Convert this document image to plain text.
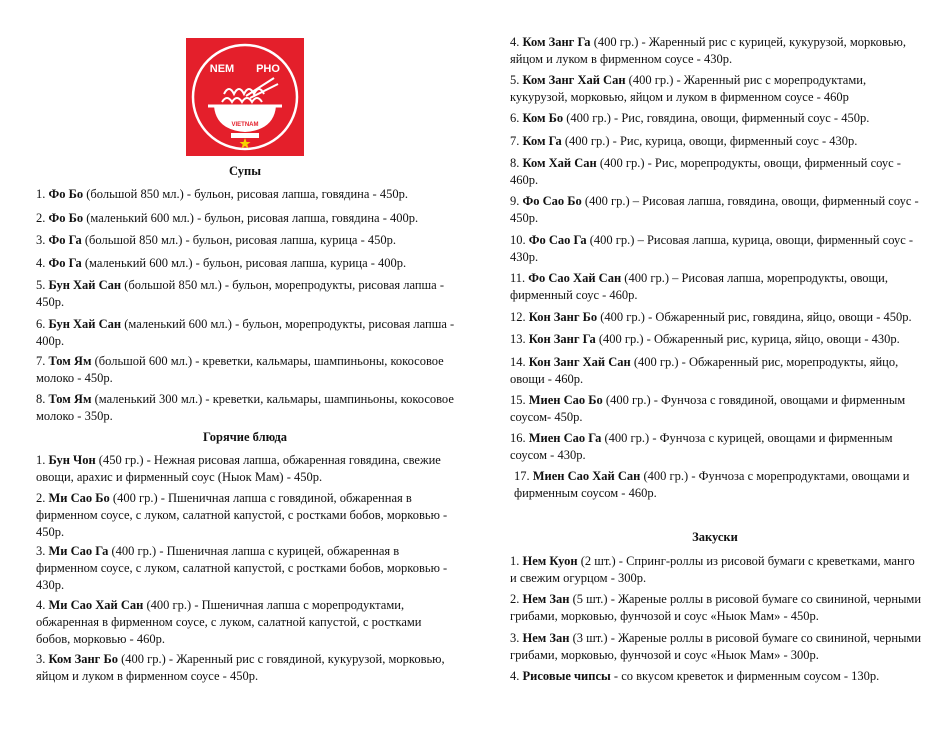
NEM PHO
VIETNAM
Супы
1. Фо Бо (большой 850 мл.) - бульон, рисовая лапша, говядина - 450р.
2. Фо Бо (маленький 600 мл.) - бульон, рисовая лапша, говядина - 400р.
3. Фо Га (большой 850 мл.) - бульон, рисовая лапша, курица - 450р.
4. Фо Га (маленький 600 мл.) - бульон, рисовая лапша, курица - 400р.
5. Бун Хай Сан (большой 850 мл.) - бульон, морепродукты, рисовая лапша - 450р.
6. Бун Хай Сан (маленький 600 мл.) - бульон, морепродукты, рисовая лапша - 400р.
7. Том Ям (большой 600 мл.) - креветки, кальмары, шампиньоны, кокосовое молоко - 450р.
8. Том Ям (маленький 300 мл.) - креветки, кальмары, шампиньоны, кокосовое молоко - 350р.
Горячие блюда
1. Бун Чон (450 гр.) - Нежная рисовая лапша, обжаренная говядина, свежие овощи, арахис и фирменный соус (Ныок Мам) - 450р.
2. Ми Сао Бо (400 гр.) - Пшеничная лапша с говядиной, обжаренная в фирменном соусе, с луком, салатной капустой, с ростками бобов, морковью - 450р.
3. Ми Сао Га (400 гр.) - Пшеничная лапша с курицей, обжаренная в фирменном соусе, с луком, салатной капустой, с ростками бобов, морковью - 430р.
4. Ми Сао Хай Сан (400 гр.) - Пшеничная лапша с морепродуктами, обжаренная в фирменном соусе, с луком, салатной капустой, с ростками бобов, морковью - 460р.
3. Ком Занг Бо (400 гр.) - Жаренный рис с говядиной, кукурузой, морковью, яйцом и луком в фирменном соусе - 450р.
4. Ком Занг Га (400 гр.) - Жаренный рис с курицей, кукурузой, морковью, яйцом и луком в фирменном соусе - 430р.
5. Ком Занг Хай Сан (400 гр.) - Жаренный рис с морепродуктами, кукурузой, морковью, яйцом и луком в фирменном соусе - 460р
6. Ком Бо (400 гр.) - Рис, говядина, овощи, фирменный соус - 450р.
7. Ком Га (400 гр.) - Рис, курица, овощи, фирменный соус - 430р.
8. Ком Хай Сан (400 гр.) - Рис, морепродукты, овощи, фирменный соус - 460р.
9. Фо Сао Бо (400 гр.) – Рисовая лапша, говядина, овощи, фирменный соус - 450р.
10. Фо Сао Га (400 гр.) – Рисовая лапша, курица, овощи, фирменный соус - 430р.
11. Фо Сао Хай Сан (400 гр.) – Рисовая лапша, морепродукты, овощи, фирменный соус - 460р.
12. Кон Занг Бо (400 гр.) - Обжаренный рис, говядина, яйцо, овощи - 450р.
13. Кон Занг Га (400 гр.) - Обжаренный рис, курица, яйцо, овощи - 430р.
14. Кон Занг Хай Сан (400 гр.) - Обжаренный рис, морепродукты, яйцо, овощи - 460р.
15. Миен Сао Бо (400 гр.) - Фунчоза с говядиной, овощами и фирменным соусом- 450р.
16. Миен Сао Га (400 гр.) - Фунчоза с курицей, овощами и фирменным соусом - 430р.
17. Миен Сао Хай Сан (400 гр.) - Фунчоза с морепродуктами, овощами и фирменным соусом - 460р.
Закуски
1. Нем Куон (2 шт.) - Спринг-роллы из рисовой бумаги с креветками, манго и свежим огурцом - 300р.
2. Нем Зан (5 шт.) - Жареные роллы в рисовой бумаге со свининой, черными грибами, морковью, фунчозой и соус «Ныок Мам» - 450р.
3. Нем Зан (3 шт.) - Жареные роллы в рисовой бумаге со свининой, черными грибами, морковью, фунчозой и соус «Ныок Мам» - 300р.
4. Рисовые чипсы - со вкусом креветок и фирменным соусом - 130р.
